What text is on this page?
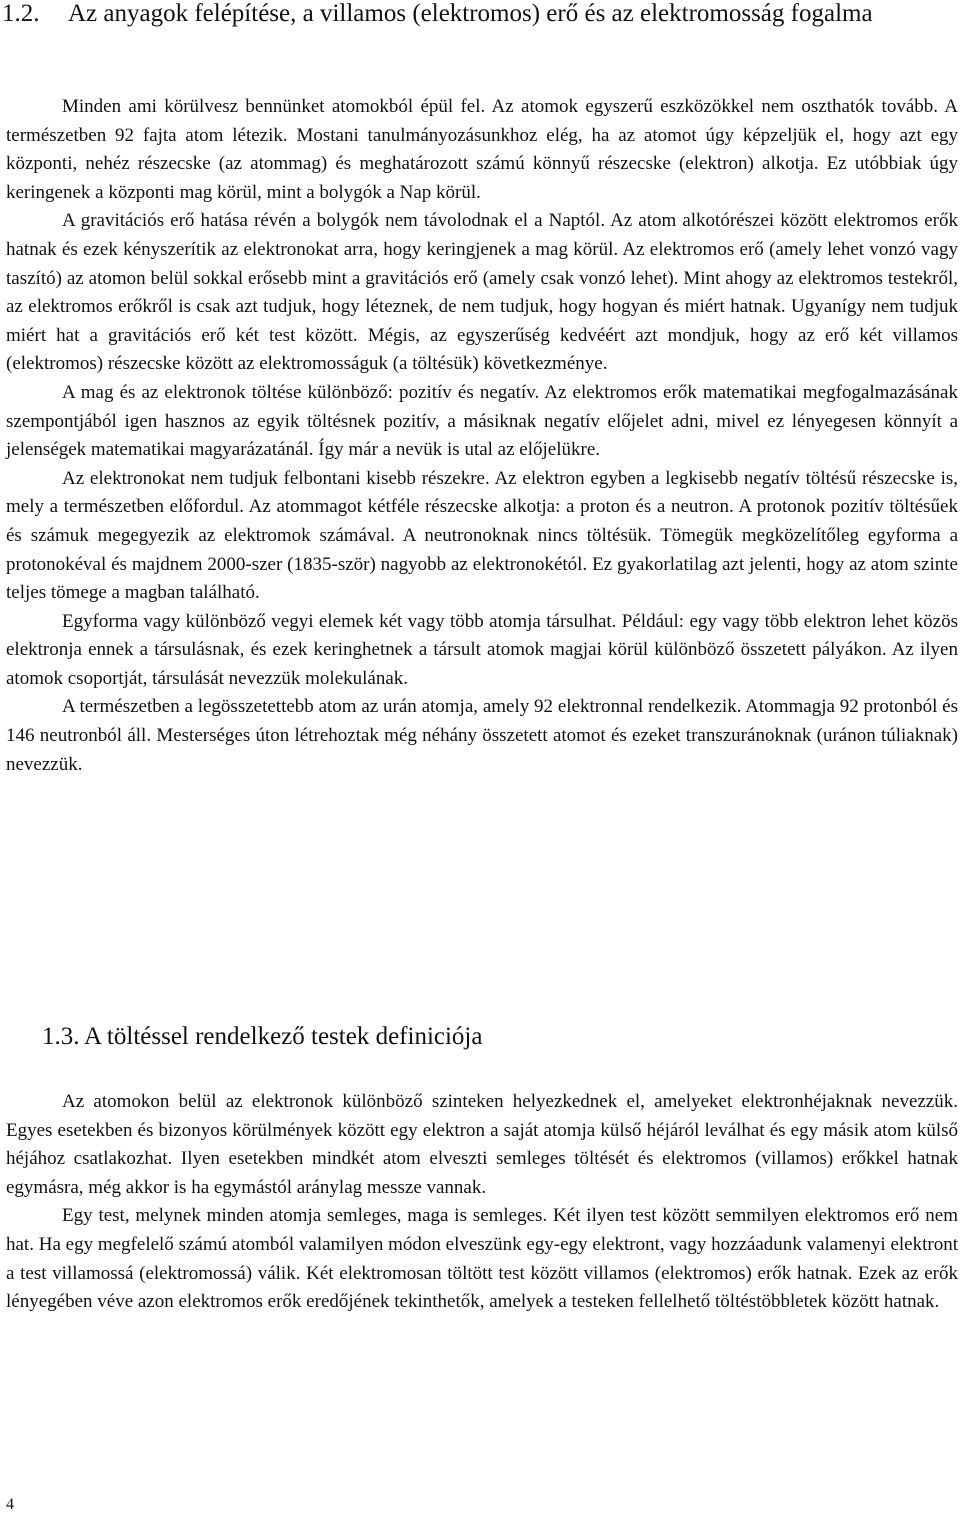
1.2. Az anyagok felépítése, a villamos (elektromos) erő és az elektromosság fogalma

Minden ami körülvesz bennünket atomokból épül fel. Az atomok egyszerű eszközökkel nem oszthatók tovább. A természetben 92 fajta atom létezik. Mostani tanulmányozásunkhoz elég, ha az atomot úgy képzeljük el, hogy azt egy központi, nehéz részecske (az atommag) és meghatározott számú könnyű részecske (elektron) alkotja. Ez utóbbiak úgy keringenek a központi mag körül, mint a bolygók a Nap körül.

A gravitációs erő hatása révén a bolygók nem távolodnak el a Naptól. Az atom alkotórészei között elektromos erők hatnak és ezek kényszerítik az elektronokat arra, hogy keringjenek a mag körül. Az elektromos erő (amely lehet vonzó vagy taszító) az atomon belül sokkal erősebb mint a gravitációs erő (amely csak vonzó lehet). Mint ahogy az elektromos testekről, az elektromos erőkről is csak azt tudjuk, hogy léteznek, de nem tudjuk, hogy hogyan és miért hatnak. Ugyanígy nem tudjuk miért hat a gravitációs erő két test között. Mégis, az egyszerűség kedvéért azt mondjuk, hogy az erő két villamos (elektromos) részecske között az elektromosságuk (a töltésük) következménye.

A mag és az elektronok töltése különböző: pozitív és negatív. Az elektromos erők matematikai megfogalmazásának szempontjából igen hasznos az egyik töltésnek pozitív, a másiknak negatív előjelet adni, mivel ez lényegesen könnyít a jelenségek matematikai magyarázatánál. Így már a nevük is utal az előjelükre.

Az elektronokat nem tudjuk felbontani kisebb részekre. Az elektron egyben a legkisebb negatív töltésű részecske is, mely a természetben előfordul. Az atommagot kétféle részecske alkotja: a proton és a neutron. A protonok pozitív töltésűek és számuk megegyezik az elektromok számával. A neutronoknak nincs töltésük. Tömegük megközelítőleg egyforma a protonokéval és majdnem 2000-szer (1835-ször) nagyobb az elektronokétól. Ez gyakorlatilag azt jelenti, hogy az atom szinte teljes tömege a magban található.

Egyforma vagy különböző vegyi elemek két vagy több atomja társulhat. Például: egy vagy több elektron lehet közös elektronja ennek a társulásnak, és ezek keringhetnek a társult atomok magjai körül különböző összetett pályákon. Az ilyen atomok csoportját, társulását nevezzük molekulának.

A természetben a legösszetettebb atom az urán atomja, amely 92 elektronnal rendelkezik. Atommagja 92 protonból és 146 neutronból áll. Mesterséges úton létrehoztak még néhány összetett atomot és ezeket transzuránoknak (uránon túliaknak) nevezzük.

1.3. A töltéssel rendelkező testek definiciója

Az atomokon belül az elektronok különböző szinteken helyezkednek el, amelyeket elektronhéjaknak nevezzük. Egyes esetekben és bizonyos körülmények között egy elektron a saját atomja külső héjáról leválhat és egy másik atom külső héjához csatlakozhat. Ilyen esetekben mindkét atom elveszti semleges töltését és elektromos (villamos) erőkkel hatnak egymásra, még akkor is ha egymástól aránylag messze vannak.

Egy test, melynek minden atomja semleges, maga is semleges. Két ilyen test között semmilyen elektromos erő nem hat. Ha egy megfelelő számú atomból valamilyen módon elveszünk egy-egy elektront, vagy hozzáadunk valamenyi elektront a test villamossá (elektromossá) válik. Két elektromosan töltött test között villamos (elektromos) erők hatnak. Ezek az erők lényegében véve azon elektromos erők eredőjének tekinthetők, amelyek a testeken fellelhető töltéstöbbletek között hatnak.

4
